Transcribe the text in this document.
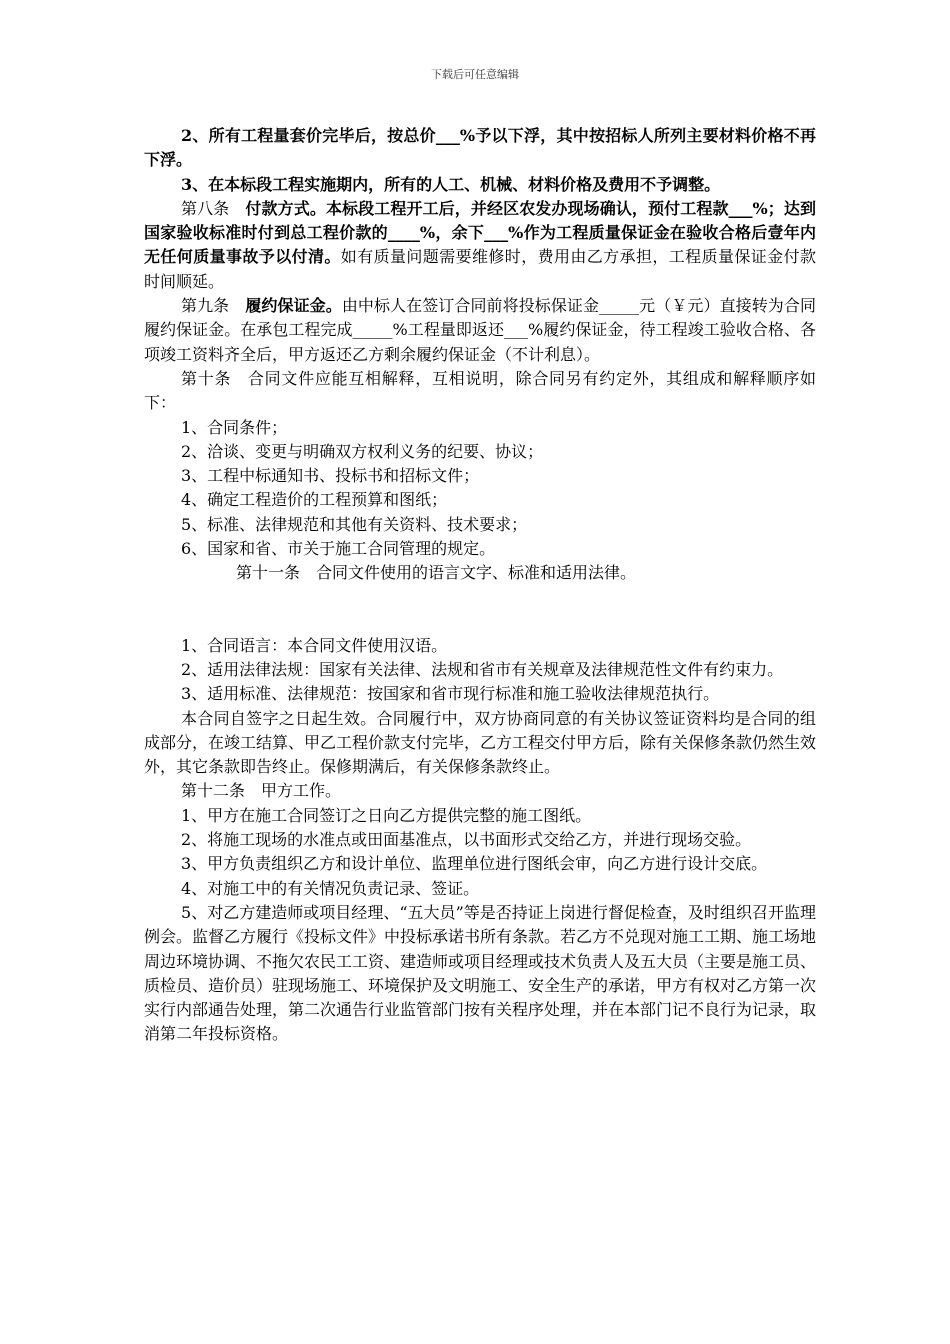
下载后可任意编辑

2、所有工程量套价完毕后，按总价___%予以下浮，其中按招标人所列主要材料价格不再下浮。

3、在本标段工程实施期内，所有的人工、机械、材料价格及费用不予调整。

第八条　付款方式。本标段工程开工后，并经区农发办现场确认，预付工程款___%；达到国家验收标准时付到总工程价款的____%，余下___%作为工程质量保证金在验收合格后壹年内无任何质量事故予以付清。如有质量问题需要维修时，费用由乙方承担，工程质量保证金付款时间顺延。

第九条　履约保证金。由中标人在签订合同前将投标保证金_____元（￥元）直接转为合同履约保证金。在承包工程完成_____%工程量即返还___%履约保证金，待工程竣工验收合格、各项竣工资料齐全后，甲方返还乙方剩余履约保证金（不计利息）。

第十条　合同文件应能互相解释，互相说明，除合同另有约定外，其组成和解释顺序如下：

1、合同条件；

2、洽谈、变更与明确双方权利义务的纪要、协议；

3、工程中标通知书、投标书和招标文件；

4、确定工程造价的工程预算和图纸；

5、标准、法律规范和其他有关资料、技术要求；

6、国家和省、市关于施工合同管理的规定。

第十一条　合同文件使用的语言文字、标准和适用法律。

1、合同语言：本合同文件使用汉语。

2、适用法律法规：国家有关法律、法规和省市有关规章及法律规范性文件有约束力。

3、适用标准、法律规范：按国家和省市现行标准和施工验收法律规范执行。

本合同自签字之日起生效。合同履行中，双方协商同意的有关协议签证资料均是合同的组成部分，在竣工结算、甲乙工程价款支付完毕，乙方工程交付甲方后，除有关保修条款仍然生效外，其它条款即告终止。保修期满后，有关保修条款终止。

第十二条　甲方工作。

1、甲方在施工合同签订之日向乙方提供完整的施工图纸。

2、将施工现场的水准点或田面基准点，以书面形式交给乙方，并进行现场交验。

3、甲方负责组织乙方和设计单位、监理单位进行图纸会审，向乙方进行设计交底。

4、对施工中的有关情况负责记录、签证。

5、对乙方建造师或项目经理、“五大员”等是否持证上岗进行督促检查，及时组织召开监理例会。监督乙方履行《投标文件》中投标承诺书所有条款。若乙方不兑现对施工工期、施工场地周边环境协调、不拖欠农民工工资、建造师或项目经理或技术负责人及五大员（主要是施工员、质检员、造价员）驻现场施工、环境保护及文明施工、安全生产的承诺，甲方有权对乙方第一次实行内部通告处理，第二次通告行业监管部门按有关程序处理，并在本部门记不良行为记录，取消第二年投标资格。
